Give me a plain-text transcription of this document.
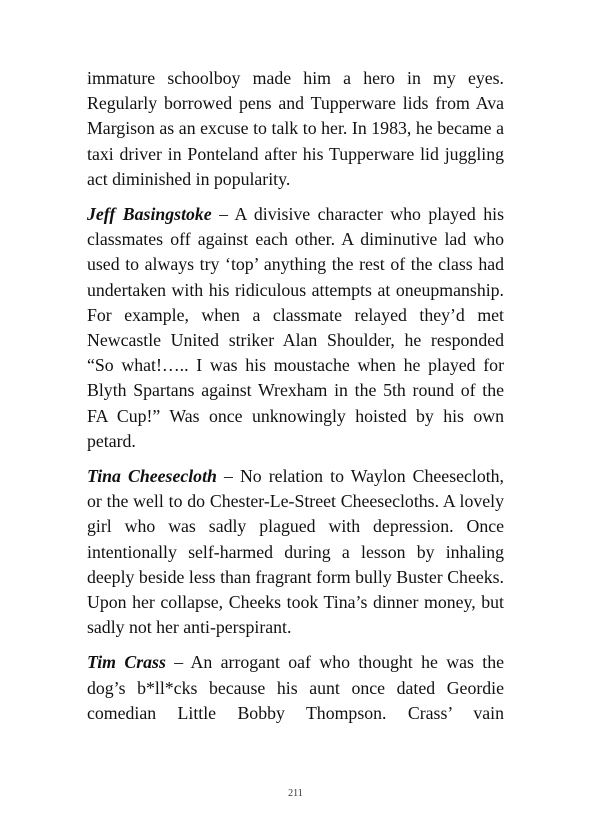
immature schoolboy made him a hero in my eyes. Regularly borrowed pens and Tupperware lids from Ava Margison as an excuse to talk to her. In 1983, he became a taxi driver in Ponteland after his Tupperware lid juggling act diminished in popularity.

Jeff Basingstoke – A divisive character who played his classmates off against each other. A diminutive lad who used to always try ‘top’ anything the rest of the class had undertaken with his ridiculous attempts at oneupmanship. For example, when a classmate relayed they’d met Newcastle United striker Alan Shoulder, he responded “So what!….. I was his moustache when he played for Blyth Spartans against Wrexham in the 5th round of the FA Cup!” Was once unknowingly hoisted by his own petard.

Tina Cheesecloth – No relation to Waylon Cheesecloth, or the well to do Chester-Le-Street Cheesecloths. A lovely girl who was sadly plagued with depression. Once intentionally self-harmed during a lesson by inhaling deeply beside less than fragrant form bully Buster Cheeks. Upon her collapse, Cheeks took Tina’s dinner money, but sadly not her anti-perspirant.

Tim Crass – An arrogant oaf who thought he was the dog’s b*ll*cks because his aunt once dated Geordie comedian Little Bobby Thompson. Crass’ vain

211
